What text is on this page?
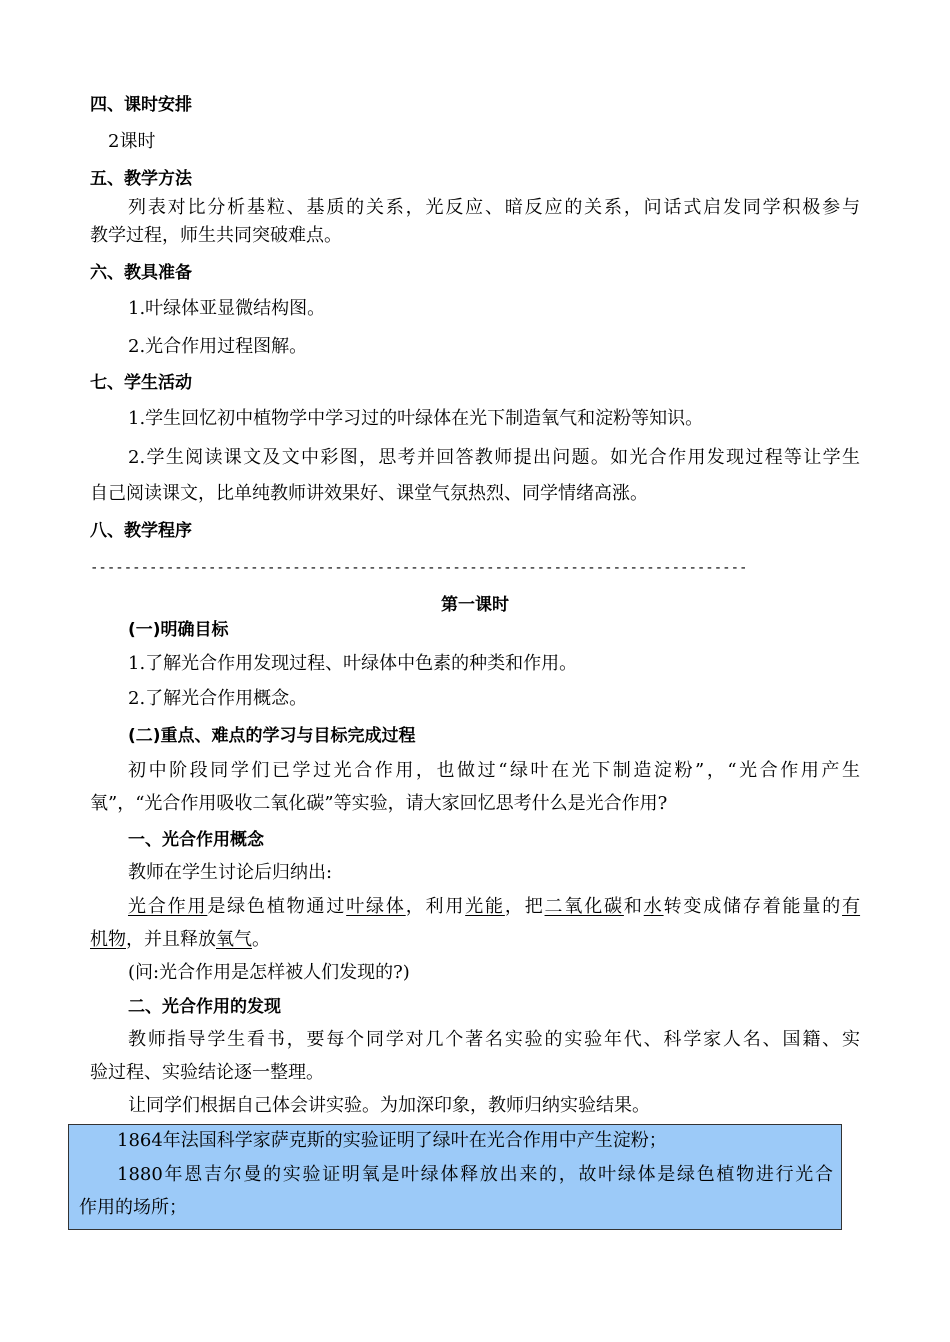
四、课时安排
2课时
五、教学方法
列表对比分析基粒、基质的关系，光反应、暗反应的关系，问话式启发同学积极参与
教学过程，师生共同突破难点。
六、教具准备
1.叶绿体亚显微结构图。
2.光合作用过程图解。
七、学生活动
1.学生回忆初中植物学中学习过的叶绿体在光下制造氧气和淀粉等知识。
2.学生阅读课文及文中彩图，思考并回答教师提出问题。如光合作用发现过程等让学生
自己阅读课文，比单纯教师讲效果好、课堂气氛热烈、同学情绪高涨。
八、教学程序
------------------------------------------------------------------------------
第一课时
(一)明确目标
1.了解光合作用发现过程、叶绿体中色素的种类和作用。
2.了解光合作用概念。
(二)重点、难点的学习与目标完成过程
初中阶段同学们已学过光合作用，也做过“绿叶在光下制造淀粉”，“光合作用产生
氧”，“光合作用吸收二氧化碳”等实验，请大家回忆思考什么是光合作用?
一、光合作用概念
教师在学生讨论后归纳出:
光合作用是绿色植物通过叶绿体，利用光能，把二氧化碳和水转变成储存着能量的有
机物，并且释放氧气。
(问:光合作用是怎样被人们发现的?)
二、光合作用的发现
教师指导学生看书，要每个同学对几个著名实验的实验年代、科学家人名、国籍、实
验过程、实验结论逐一整理。
让同学们根据自己体会讲实验。为加深印象，教师归纳实验结果。
1864年法国科学家萨克斯的实验证明了绿叶在光合作用中产生淀粉；
1880年恩吉尔曼的实验证明氧是叶绿体释放出来的，故叶绿体是绿色植物进行光合
作用的场所；
